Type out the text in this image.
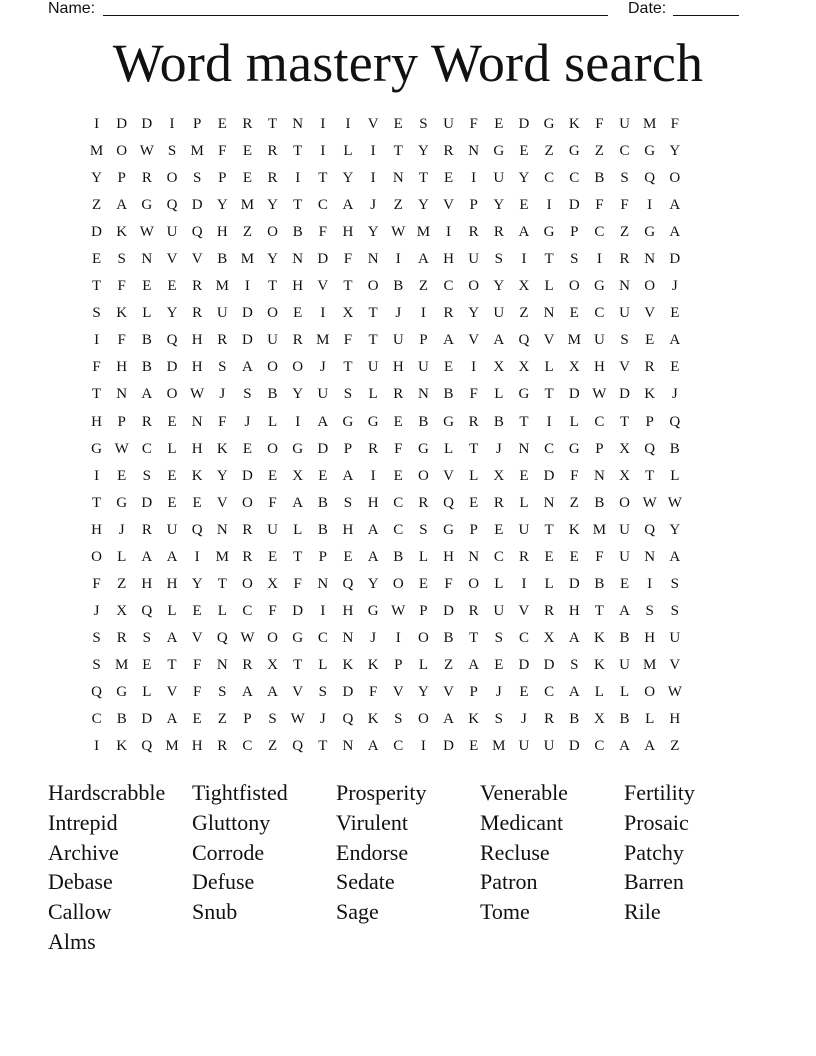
Name:	Date:
Word mastery Word search
I	D D	I	P	E	R	T	N	I	I	V	E	S	U	F	E	D G K	F	U M F
M O W S M F	E	R	T	I	L	I	T	Y R N G	E	Z	G	Z	C G Y
Y	P	R O	S	P	E	R	I	T	Y	I	N	T	E	I	U Y C	C	B	S	Q O
Z	A G Q D Y M Y	T	C A	J	Z	Y V	P	Y	E	I	D	F	F	I	A
D K W U Q H	Z	O B	F	H Y W M	I	R	R A G	P	C	Z	G A
E	S	N V V B M Y N D	F	N	I	A H U	S	I	T	S	I	R N D
T	F	E	E	R M	I	T	H V	T	O B	Z	C O Y X	L	O G N O	J
S	K	L	Y R U D O	E	I	X	T	J	I	R Y U	Z	N	E	C U V	E
I	F	B Q H R D U R M F	T	U	P	A V A Q V M U	S	E	A
F	H B D H	S	A O O	J	T	U H U	E	I	X X	L	X H V R	E
T	N A O W	J	S	B Y U	S	L	R N B	F	L	G	T	D W D K	J
H	P	R	E	N	F	J	L	I	A G G	E	B G R	B	T	I	L	C	T	P	Q
G W C	L	H K	E	O G D	P	R	F	G	L	T	J	N C G	P	X Q B
I	E	S	E	K Y D	E	X	E	A	I	E	O V	L	X	E	D	F	N X	T	L
T	G D	E	E	V O	F	A B	S	H C	R Q	E	R	L	N	Z	B O W W
H	J	R U Q N R U	L	B H A C	S	G	P	E	U	T	K M U Q Y
O	L	A A	I	M R	E	T	P	E	A B	L	H N C	R	E	E	F	U N A
F	Z	H H Y	T	O X	F	N Q Y O	E	F	O	L	I	L	D B	E	I	S
J	X Q	L	E	L	C	F	D	I	H G W P	D R U V R H	T	A	S	S
S	R	S	A V Q W O G C N	J	I	O B	T	S	C X A K B H U
S M E	T	F	N R X	T	L	K K	P	L	Z	A	E	D D	S	K U M V
Q G	L	V	F	S	A A V	S	D	F	V Y V	P	J	E	C A	L	L	O W
C	B D A	E	Z	P	S W	J	Q K	S	O A K	S	J	R	B X B	L	H
I	K Q M H R	C	Z	Q	T	N A C	I	D	E M U U D C A A	Z
Hardscrabble	Tightfisted	Prosperity	Venerable	Fertility
Intrepid	Gluttony	Virulent	Medicant	Prosaic
Archive	Corrode	Endorse	Recluse	Patchy
Debase	Defuse	Sedate	Patron	Barren
Callow	Snub	Sage	Tome	Rile
Alms
